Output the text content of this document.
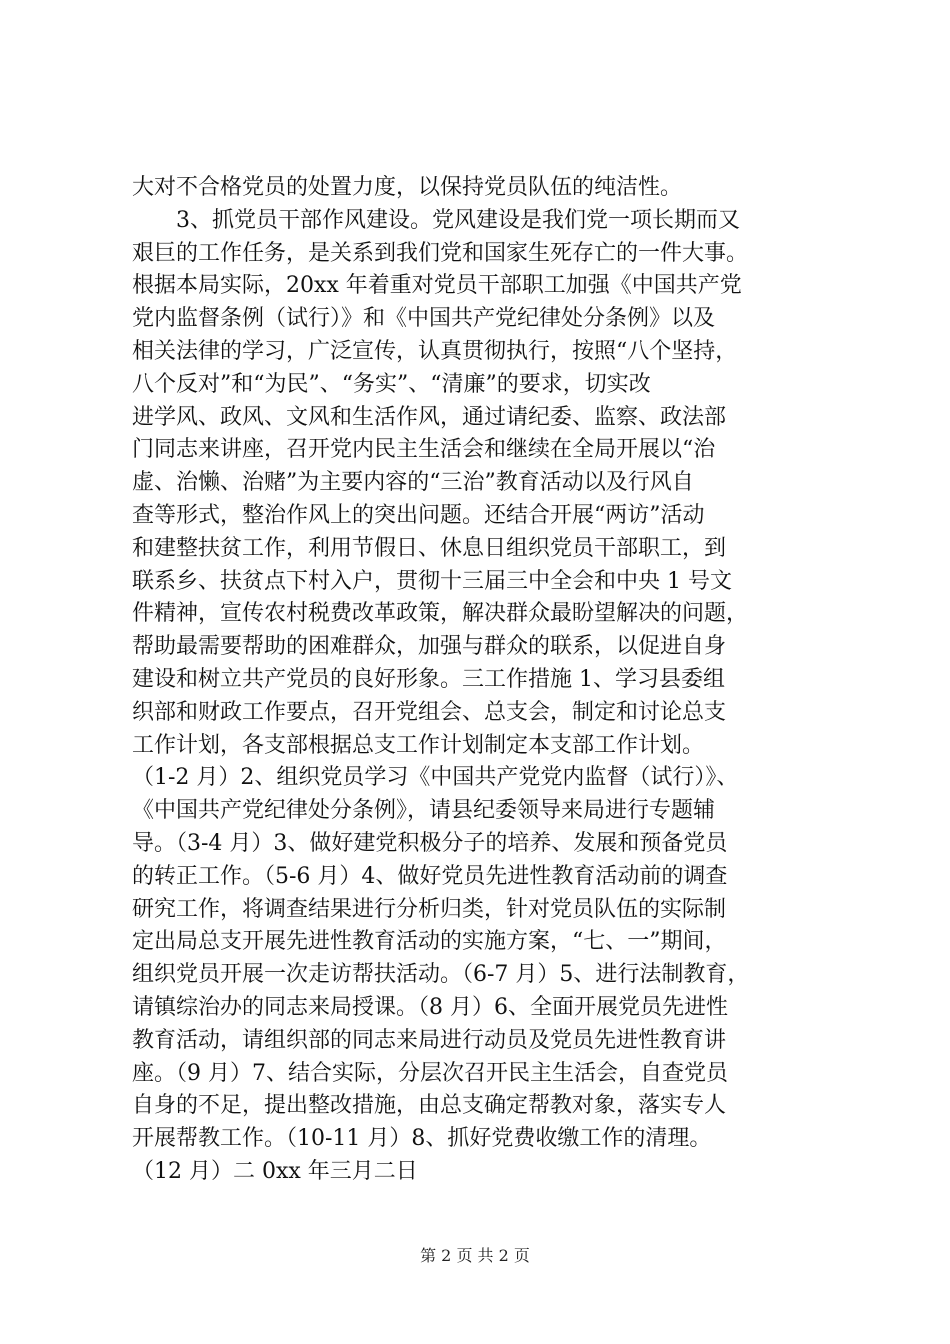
大对不合格党员的处置力度，以保持党员队伍的纯洁性。
　　3、抓党员干部作风建设。党风建设是我们党一项长期而又
艰巨的工作任务，是关系到我们党和国家生死存亡的一件大事。
根据本局实际，20xx 年着重对党员干部职工加强《中国共产党
党内监督条例（试行）》和《中国共产党纪律处分条例》以及
相关法律的学习，广泛宣传，认真贯彻执行，按照“八个坚持，
八个反对”和“为民”、“务实”、“清廉”的要求，切实改
进学风、政风、文风和生活作风，通过请纪委、监察、政法部
门同志来讲座，召开党内民主生活会和继续在全局开展以“治
虚、治懒、治赌”为主要内容的“三治”教育活动以及行风自
查等形式，整治作风上的突出问题。还结合开展“两访”活动
和建整扶贫工作，利用节假日、休息日组织党员干部职工，到
联系乡、扶贫点下村入户，贯彻十三届三中全会和中央 1 号文
件精神，宣传农村税费改革政策，解决群众最盼望解决的问题，
帮助最需要帮助的困难群众，加强与群众的联系，以促进自身
建设和树立共产党员的良好形象。三工作措施 1、学习县委组
织部和财政工作要点，召开党组会、总支会，制定和讨论总支
工作计划，各支部根据总支工作计划制定本支部工作计划。
（1-2 月）2、组织党员学习《中国共产党党内监督（试行）》、
《中国共产党纪律处分条例》，请县纪委领导来局进行专题辅
导。（3-4 月）3、做好建党积极分子的培养、发展和预备党员
的转正工作。（5-6 月）4、做好党员先进性教育活动前的调查
研究工作，将调查结果进行分析归类，针对党员队伍的实际制
定出局总支开展先进性教育活动的实施方案，“七、一”期间，
组织党员开展一次走访帮扶活动。（6-7 月）5、进行法制教育，
请镇综治办的同志来局授课。（8 月）6、全面开展党员先进性
教育活动，请组织部的同志来局进行动员及党员先进性教育讲
座。（9 月）7、结合实际，分层次召开民主生活会，自查党员
自身的不足，提出整改措施，由总支确定帮教对象，落实专人
开展帮教工作。（10-11 月）8、抓好党费收缴工作的清理。
（12 月）二 0xx 年三月二日
第 2 页 共 2 页
